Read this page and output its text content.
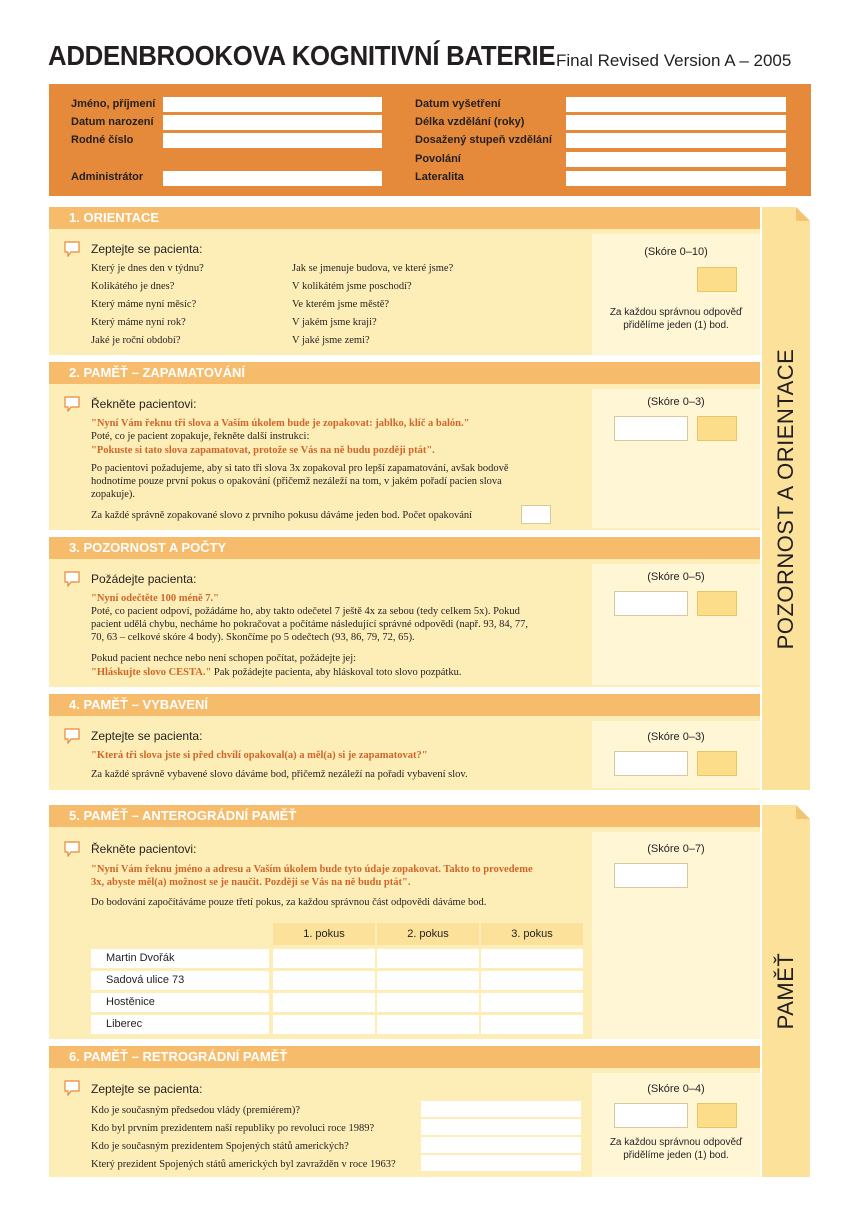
ADDENBROOKOVA KOGNITIVNÍ BATERIE Final Revised Version A – 2005
Jméno, příjmení
Datum narození
Rodné číslo
Administrátor
Datum vyšetření
Délka vzdělání (roky)
Dosažený stupeň vzdělání
Povolání
Lateralita
POZORNOST A ORIENTACE
PAMĚŤ
1. ORIENTACE
Zeptejte se pacienta:
Který je dnes den v týdnu?
Kolikátého je dnes?
Který máme nyní měsíc?
Který máme nyní rok?
Jaké je roční období?
Jak se jmenuje budova, ve které jsme?
V kolikátém jsme poschodí?
Ve kterém jsme městě?
V jakém jsme kraji?
V jaké jsme zemi?
(Skóre 0–10)
Za každou správnou odpověď přidělíme jeden (1) bod.
2. PAMĚŤ – ZAPAMATOVÁNÍ
Řekněte pacientovi:
"Nyní Vám řeknu tři slova a Vaším úkolem bude je zopakovat: jablko, klíč a balón."
Poté, co je pacient zopakuje, řekněte další instrukci:
"Pokuste si tato slova zapamatovat, protože se Vás na ně budu později ptát".
Po pacientovi požadujeme, aby si tato tři slova 3x zopakoval pro lepší zapamatování, avšak bodově hodnotíme pouze první pokus o opakování (přičemž nezáleží na tom, v jakém pořadí pacien slova zopakuje).
Za každé správně zopakované slovo z prvního pokusu dáváme jeden bod. Počet opakování
(Skóre 0–3)
3. POZORNOST A POČTY
Požádejte pacienta:
"Nyní odečtěte 100 méně 7."
Poté, co pacient odpoví, požádáme ho, aby takto odečetel 7 ještě 4x za sebou (tedy celkem 5x). Pokud pacient udělá chybu, necháme ho pokračovat a počítáme následující správné odpovědi (např. 93, 84, 77, 70, 63 – celkové skóre 4 body). Skončíme po 5 odečtech (93, 86, 79, 72, 65).
Pokud pacient nechce nebo není schopen počítat, požádejte jej:
"Hláskujte slovo CESTA." Pak požádejte pacienta, aby hláskoval toto slovo pozpátku.
(Skóre 0–5)
4. PAMĚŤ – VYBAVENÍ
Zeptejte se pacienta:
"Která tři slova jste si před chvílí opakoval(a) a měl(a) si je zapamatovat?"
Za každé správně vybavené slovo dáváme bod, přičemž nezáleží na pořadí vybavení slov.
(Skóre 0–3)
5. PAMĚŤ – ANTEROGRÁDNÍ PAMĚŤ
Řekněte pacientovi:
"Nyní Vám řeknu jméno a adresu a Vaším úkolem bude tyto údaje zopakovat. Takto to provedeme 3x, abyste měl(a) možnost se je naučit. Později se Vás na ně budu ptát".
Do bodování započítáváme pouze třetí pokus, za každou správnou část odpovědi dáváme bod.
1. pokus	2. pokus	3. pokus
Martin Dvořák
Sadová ulice 73
Hostěnice
Liberec
(Skóre 0–7)
6. PAMĚŤ – RETROGRÁDNÍ PAMĚŤ
Zeptejte se pacienta:
Kdo je současným předsedou vlády (premiérem)?
Kdo byl prvním prezidentem naší republiky po revoluci roce 1989?
Kdo je současným prezidentem Spojených států amerických?
Který prezident Spojených států amerických byl zavražděn v roce 1963?
(Skóre 0–4)
Za každou správnou odpověď přidělíme jeden (1) bod.
